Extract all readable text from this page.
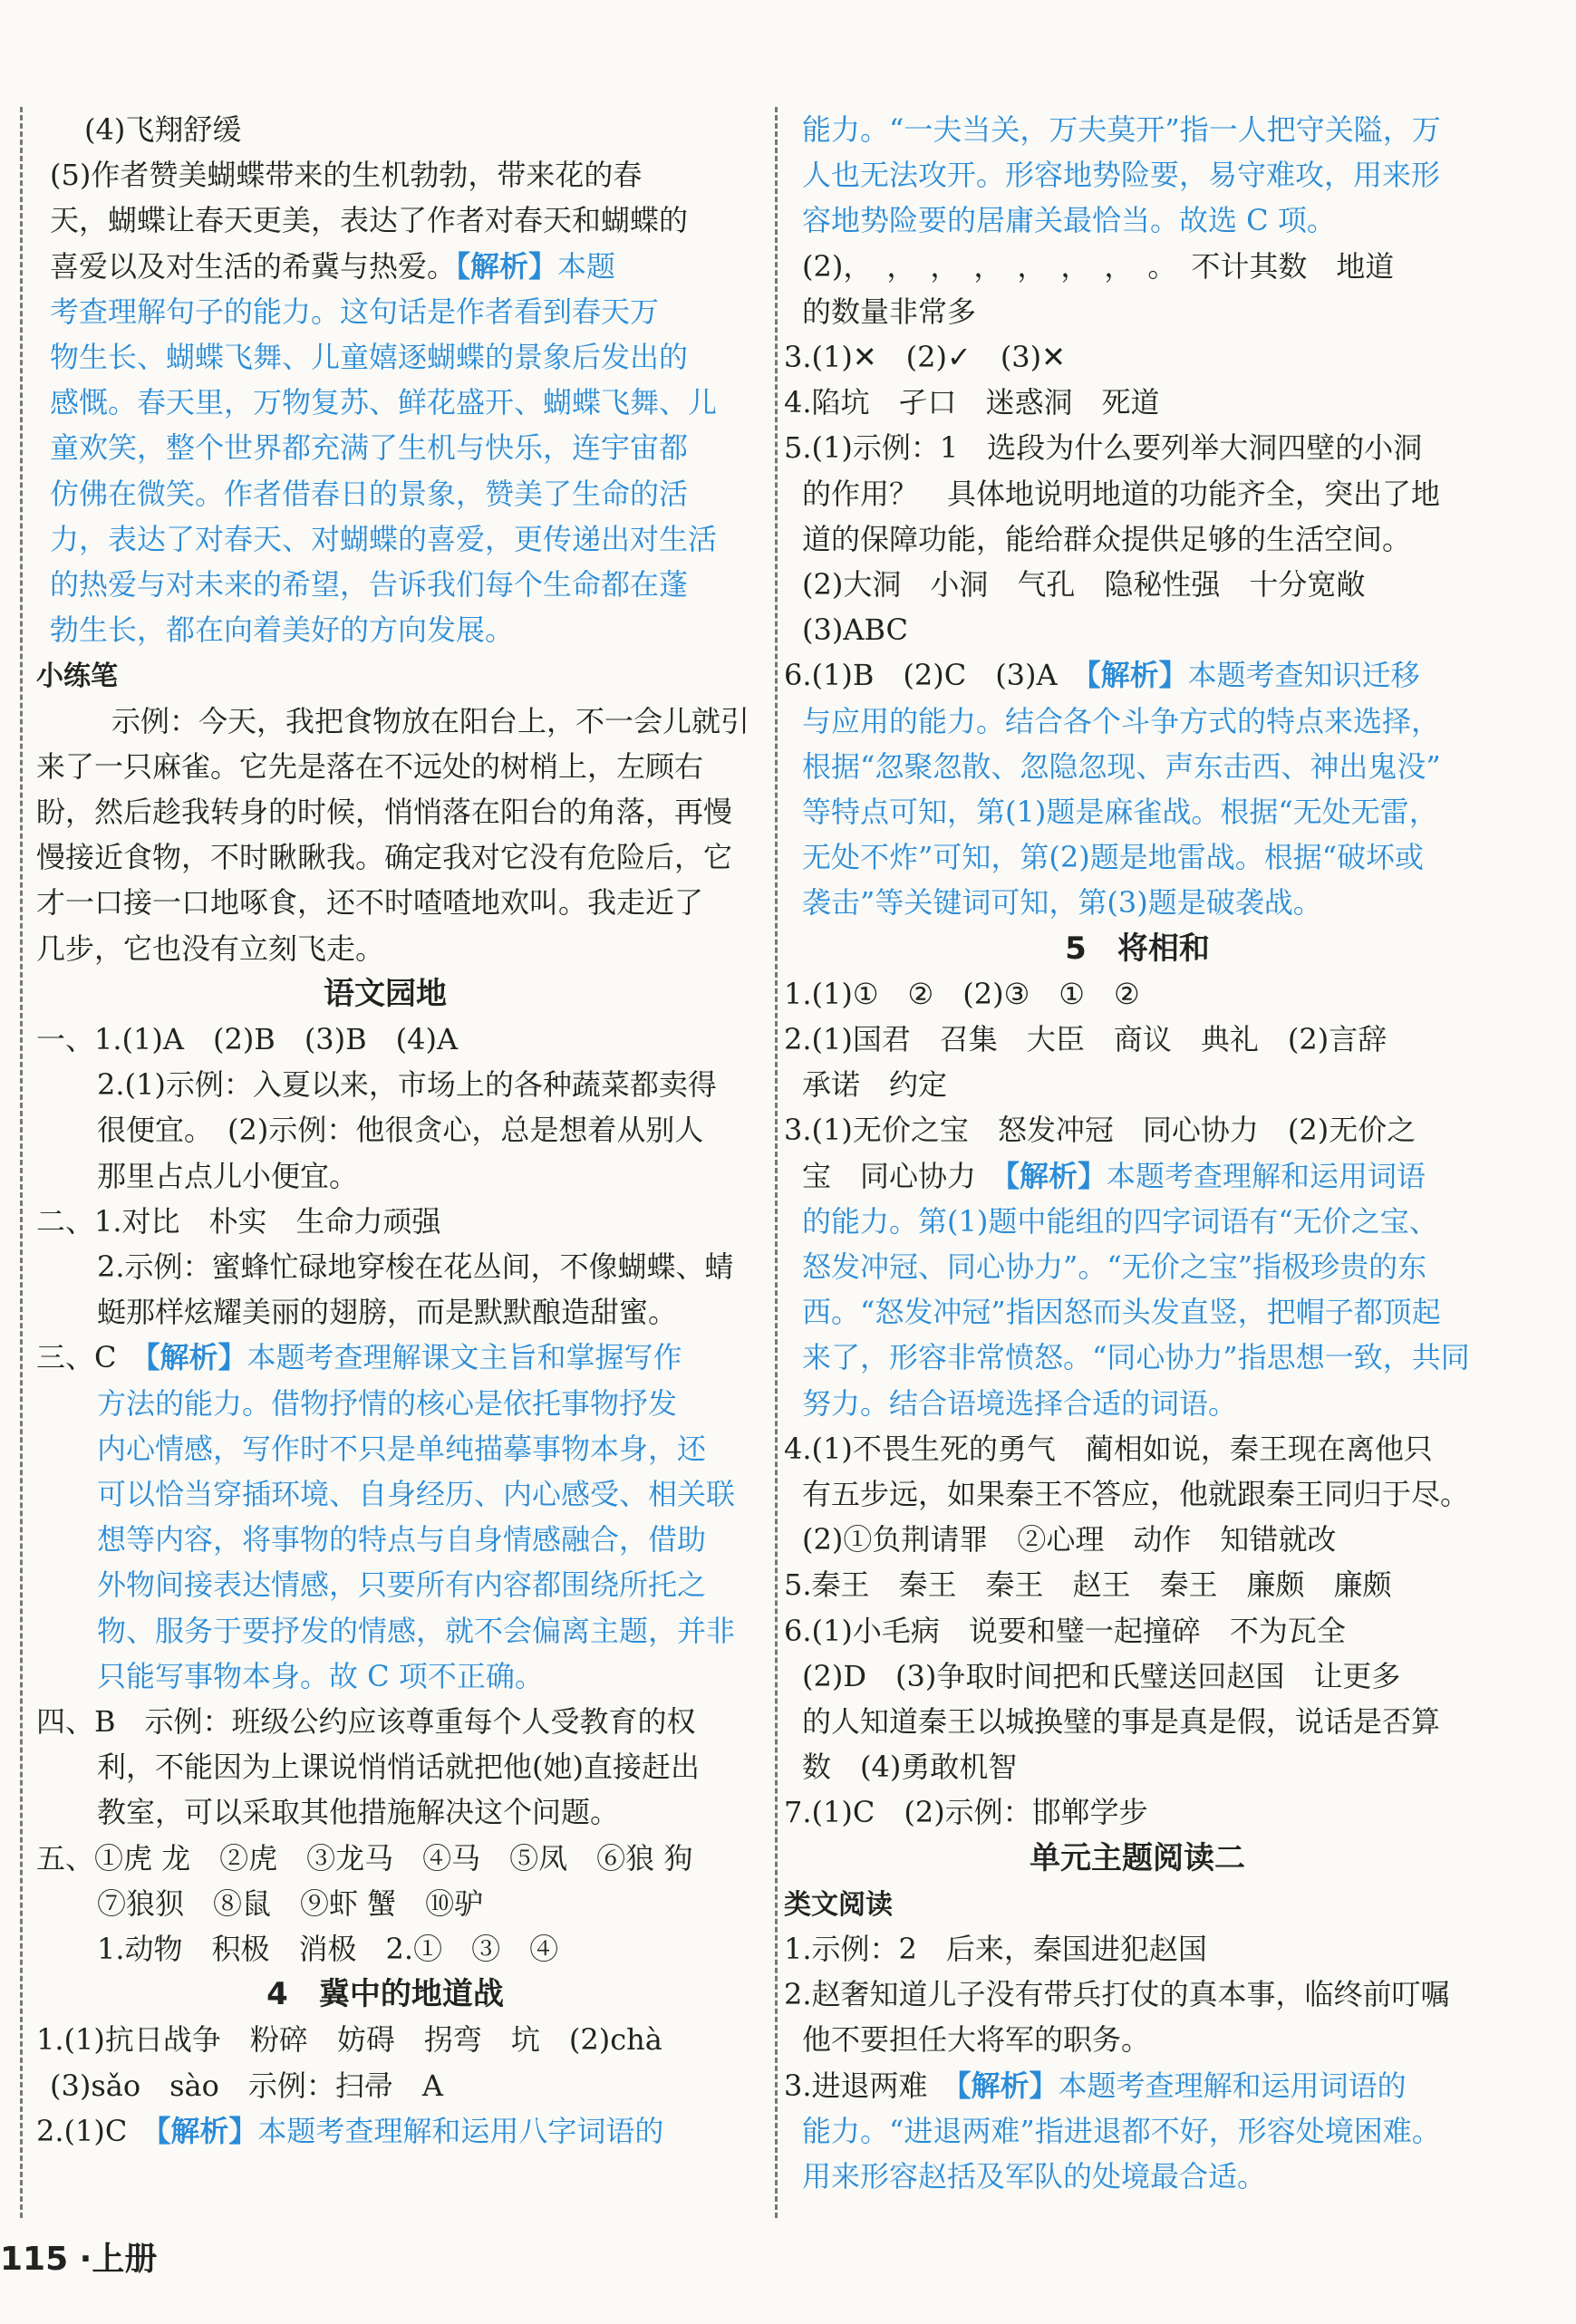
(4)飞翔舒缓
(5)作者赞美蝴蝶带来的生机勃勃，带来花的春
天，蝴蝶让春天更美，表达了作者对春天和蝴蝶的
喜爱以及对生活的希冀与热爱。【解析】本题
考查理解句子的能力。这句话是作者看到春天万
物生长、蝴蝶飞舞、儿童嬉逐蝴蝶的景象后发出的
感慨。春天里，万物复苏、鲜花盛开、蝴蝶飞舞、儿
童欢笑，整个世界都充满了生机与快乐，连宇宙都
仿佛在微笑。作者借春日的景象，赞美了生命的活
力，表达了对春天、对蝴蝶的喜爱，更传递出对生活
的热爱与对未来的希望，告诉我们每个生命都在蓬
勃生长，都在向着美好的方向发展。
小练笔
示例：今天，我把食物放在阳台上，不一会儿就引
来了一只麻雀。它先是落在不远处的树梢上，左顾右
盼，然后趁我转身的时候，悄悄落在阳台的角落，再慢
慢接近食物，不时瞅瞅我。确定我对它没有危险后，它
才一口接一口地啄食，还不时喳喳地欢叫。我走近了
几步，它也没有立刻飞走。
语文园地
一、1.(1)A　(2)B　(3)B　(4)A
2.(1)示例：入夏以来，市场上的各种蔬菜都卖得
很便宜。　(2)示例：他很贪心，总是想着从别人
那里占点儿小便宜。
二、1.对比　朴实　生命力顽强
2.示例：蜜蜂忙碌地穿梭在花丛间，不像蝴蝶、蜻
蜓那样炫耀美丽的翅膀，而是默默酿造甜蜜。
三、C　【解析】本题考查理解课文主旨和掌握写作
方法的能力。借物抒情的核心是依托事物抒发
内心情感，写作时不只是单纯描摹事物本身，还
可以恰当穿插环境、自身经历、内心感受、相关联
想等内容，将事物的特点与自身情感融合，借助
外物间接表达情感，只要所有内容都围绕所托之
物、服务于要抒发的情感，就不会偏离主题，并非
只能写事物本身。故 C 项不正确。
四、B　示例：班级公约应该尊重每个人受教育的权
利，不能因为上课说悄悄话就把他(她)直接赶出
教室，可以采取其他措施解决这个问题。
五、①虎 龙　②虎　③龙马　④马　⑤凤　⑥狼 狗
⑦狼狈　⑧鼠　⑨虾 蟹　⑩驴
1.动物　积极　消极　2.①　③　④
4　冀中的地道战
1.(1)抗日战争　粉碎　妨碍　拐弯　坑　(2)chà
(3)sǎo　sào　示例：扫帚　A
2.(1)C　【解析】本题考查理解和运用八字词语的
能力。“一夫当关，万夫莫开”指一人把守关隘，万
人也无法攻开。形容地势险要，易守难攻，用来形
容地势险要的居庸关最恰当。故选 C 项。
(2)，　，　，　，　，　，　，　。　不计其数　地道
的数量非常多
3.(1)✕　(2)✓　(3)✕
4.陷坑　孑口　迷惑洞　死道
5.(1)示例：1　选段为什么要列举大洞四壁的小洞
的作用？　具体地说明地道的功能齐全，突出了地
道的保障功能，能给群众提供足够的生活空间。
(2)大洞　小洞　气孔　隐秘性强　十分宽敞
(3)ABC
6.(1)B　(2)C　(3)A　【解析】本题考查知识迁移
与应用的能力。结合各个斗争方式的特点来选择，
根据“忽聚忽散、忽隐忽现、声东击西、神出鬼没”
等特点可知，第(1)题是麻雀战。根据“无处无雷，
无处不炸”可知，第(2)题是地雷战。根据“破坏或
袭击”等关键词可知，第(3)题是破袭战。
5　将相和
1.(1)①　②　(2)③　①　②
2.(1)国君　召集　大臣　商议　典礼　(2)言辞
承诺　约定
3.(1)无价之宝　怒发冲冠　同心协力　(2)无价之
宝　同心协力　【解析】本题考查理解和运用词语
的能力。第(1)题中能组的四字词语有“无价之宝、
怒发冲冠、同心协力”。“无价之宝”指极珍贵的东
西。“怒发冲冠”指因怒而头发直竖，把帽子都顶起
来了，形容非常愤怒。“同心协力”指思想一致，共同
努力。结合语境选择合适的词语。
4.(1)不畏生死的勇气　蔺相如说，秦王现在离他只
有五步远，如果秦王不答应，他就跟秦王同归于尽。
(2)①负荆请罪　②心理　动作　知错就改
5.秦王　秦王　秦王　赵王　秦王　廉颇　廉颇
6.(1)小毛病　说要和璧一起撞碎　不为瓦全
(2)D　(3)争取时间把和氏璧送回赵国　让更多
的人知道秦王以城换璧的事是真是假，说话是否算
数　(4)勇敢机智
7.(1)C　(2)示例：邯郸学步
单元主题阅读二
类文阅读
1.示例：2　后来，秦国进犯赵国
2.赵奢知道儿子没有带兵打仗的真本事，临终前叮嘱
他不要担任大将军的职务。
3.进退两难　【解析】本题考查理解和运用词语的
能力。“进退两难”指进退都不好，形容处境困难。
用来形容赵括及军队的处境最合适。
115 ·上册
